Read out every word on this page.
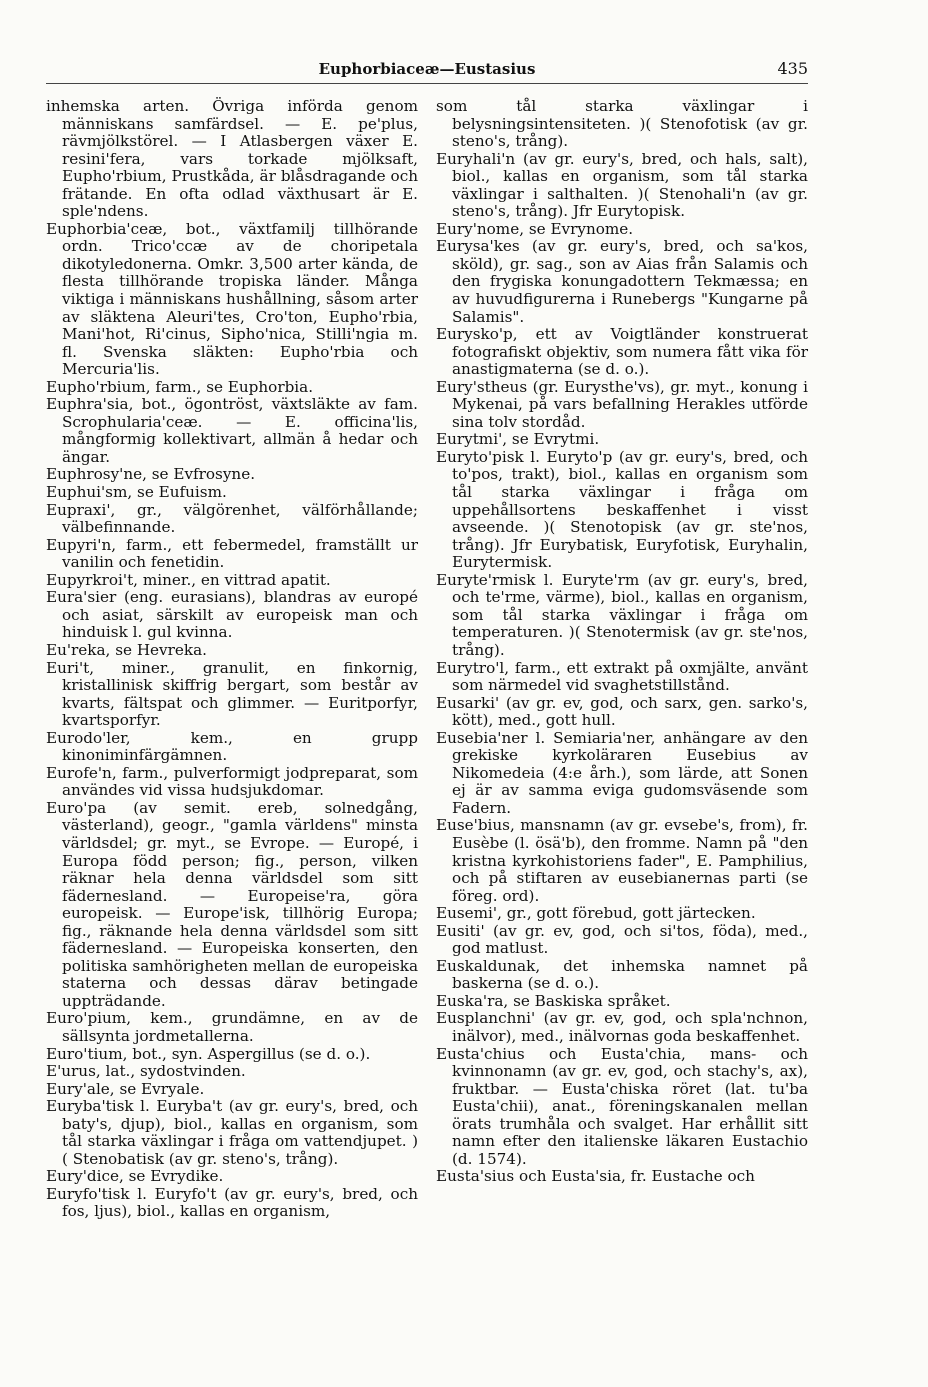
Euphorbiaceæ—Eustasius	435

inhemska arten. Övriga införda genom människans samfärdsel. — E. pe'plus, rävmjölkstörel. — I Atlasbergen växer E. resini'fera, vars torkade mjölksaft, Eupho'rbium, Prustkåda, är blåsdragande och frätande. En ofta odlad växthusart är E. sple'ndens.

Euphorbia'ceæ, bot., växtfamilj tillhörande ordn. Trico'ccæ av de choripetala dikotyledonerna. Omkr. 3,500 arter kända, de flesta tillhörande tropiska länder. Många viktiga i människans hushållning, såsom arter av släktena Aleuri'tes, Cro'ton, Eupho'rbia, Mani'hot, Ri'cinus, Sipho'nica, Stilli'ngia m. fl. Svenska släkten: Eupho'rbia och Mercuria'lis.

Eupho'rbium, farm., se Euphorbia.

Euphra'sia, bot., ögontröst, växtsläkte av fam. Scrophularia'ceæ. — E. officina'lis, mångformig kollektivart, allmän å hedar och ängar.

Euphrosy'ne, se Evfrosyne.

Euphui'sm, se Eufuism.

Eupraxi', gr., välgörenhet, välförhållande; välbefinnande.

Eupyri'n, farm., ett febermedel, framställt ur vanilin och fenetidin.

Eupyrkroi't, miner., en vittrad apatit.

Eura'sier (eng. eurasians), blandras av europé och asiat, särskilt av europeisk man och hinduisk l. gul kvinna.

Eu'reka, se Hevreka.

Euri't, miner., granulit, en finkornig, kristallinisk skiffrig bergart, som består av kvarts, fältspat och glimmer. — Euritporfyr, kvartsporfyr.

Eurodo'ler, kem., en grupp kinoniminfärgämnen.

Eurofe'n, farm., pulverformigt jodpreparat, som användes vid vissa hudsjukdomar.

Euro'pa (av semit. ereb, solnedgång, västerland), geogr., "gamla världens" minsta världsdel; gr. myt., se Evrope. — Europé, i Europa född person; fig., person, vilken räknar hela denna världsdel som sitt fädernesland. — Europeise'ra, göra europeisk. — Europe'isk, tillhörig Europa; fig., räknande hela denna världsdel som sitt fädernesland. — Europeiska konserten, den politiska samhörigheten mellan de europeiska staterna och dessas därav betingade uppträdande.

Euro'pium, kem., grundämne, en av de sällsynta jordmetallerna.

Euro'tium, bot., syn. Aspergillus (se d. o.).

E'urus, lat., sydostvinden.

Eury'ale, se Evryale.

Euryba'tisk l. Euryba't (av gr. eury's, bred, och baty's, djup), biol., kallas en organism, som tål starka växlingar i fråga om vattendjupet. )( Stenobatisk (av gr. steno's, trång).

Eury'dice, se Evrydike.

Euryfo'tisk l. Euryfo't (av gr. eury's, bred, och fos, ljus), biol., kallas en organism,

som tål starka växlingar i belysningsintensiteten. )( Stenofotisk (av gr. steno's, trång).

Euryhali'n (av gr. eury's, bred, och hals, salt), biol., kallas en organism, som tål starka växlingar i salthalten. )( Stenohali'n (av gr. steno's, trång). Jfr Eurytopisk.

Eury'nome, se Evrynome.

Eurysa'kes (av gr. eury's, bred, och sa'kos, sköld), gr. sag., son av Aias från Salamis och den frygiska konungadottern Tekmæssa; en av huvudfigurerna i Runebergs "Kungarne på Salamis".

Eurysko'p, ett av Voigtländer konstruerat fotografiskt objektiv, som numera fått vika för anastigmaterna (se d. o.).

Eury'stheus (gr. Eurysthe'vs), gr. myt., konung i Mykenai, på vars befallning Herakles utförde sina tolv stordåd.

Eurytmi', se Evrytmi.

Euryto'pisk l. Euryto'p (av gr. eury's, bred, och to'pos, trakt), biol., kallas en organism som tål starka växlingar i fråga om uppehållsortens beskaffenhet i visst avseende. )( Stenotopisk (av gr. ste'nos, trång). Jfr Eurybatisk, Euryfotisk, Euryhalin, Eurytermisk.

Euryte'rmisk l. Euryte'rm (av gr. eury's, bred, och te'rme, värme), biol., kallas en organism, som tål starka växlingar i fråga om temperaturen. )( Stenotermisk (av gr. ste'nos, trång).

Eurytro'l, farm., ett extrakt på oxmjälte, använt som närmedel vid svaghetstillstånd.

Eusarki' (av gr. ev, god, och sarx, gen. sarko's, kött), med., gott hull.

Eusebia'ner l. Semiaria'ner, anhängare av den grekiske kyrkoläraren Eusebius av Nikomedeia (4:e årh.), som lärde, att Sonen ej är av samma eviga gudomsväsende som Fadern.

Euse'bius, mansnamn (av gr. evsebe's, from), fr. Eusèbe (l. ösä'b), den fromme. Namn på "den kristna kyrkohistoriens fader", E. Pamphilius, och på stiftaren av eusebianernas parti (se föreg. ord).

Eusemi', gr., gott förebud, gott järtecken.

Eusiti' (av gr. ev, god, och si'tos, föda), med., god matlust.

Euskaldunak, det inhemska namnet på baskerna (se d. o.).

Euska'ra, se Baskiska språket.

Eusplanchni' (av gr. ev, god, och spla'nchnon, inälvor), med., inälvornas goda beskaffenhet.

Eusta'chius och Eusta'chia, mans- och kvinnonamn (av gr. ev, god, och stachy's, ax), fruktbar. — Eusta'chiska röret (lat. tu'ba Eusta'chii), anat., föreningskanalen mellan örats trumhåla och svalget. Har erhållit sitt namn efter den italienske läkaren Eustachio (d. 1574).

Eusta'sius och Eusta'sia, fr. Eustache och
